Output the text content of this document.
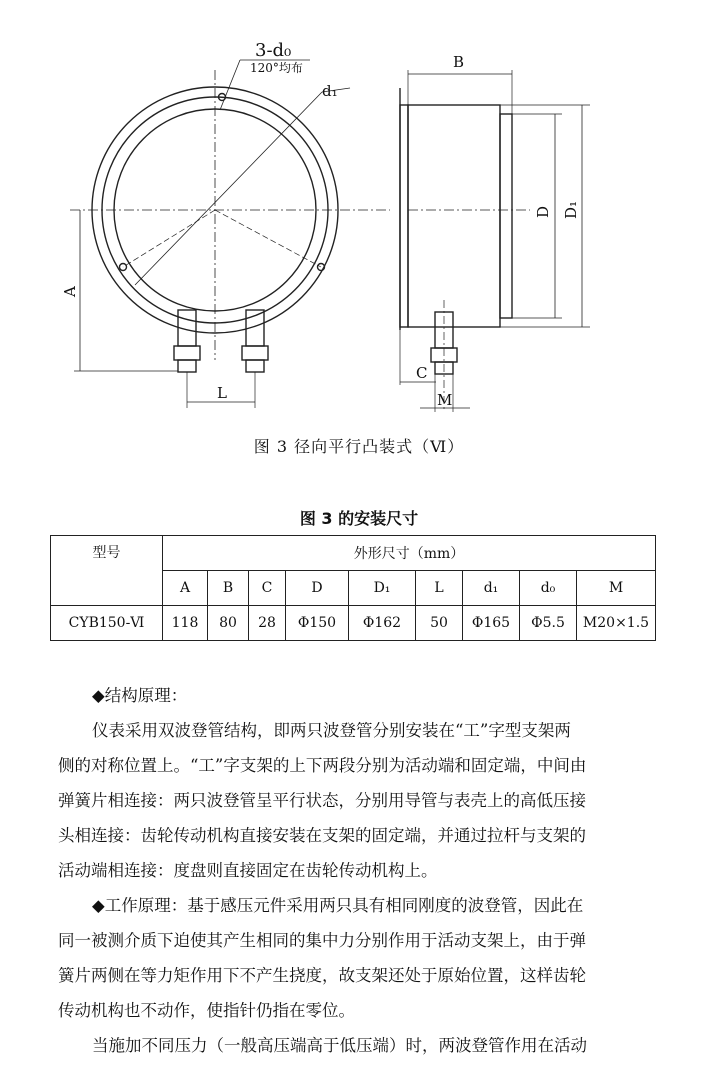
3-d₀
120°均布
d₁
A
L
B
D D₁
C
M
图 3 径向平行凸装式（Ⅵ）
图 3 的安装尺寸
型号	外形尺寸（mm）								
	A	B	C	D	D₁	L	d₁	d₀	M
CYB150-Ⅵ	118	80	28	Φ150	Φ162	50	Φ165	Φ5.5	M20×1.5

◆结构原理：

仪表采用双波登管结构，即两只波登管分别安装在“工”字型支架两

侧的对称位置上。“工”字支架的上下两段分别为活动端和固定端，中间由

弹簧片相连接：两只波登管呈平行状态，分别用导管与表壳上的高低压接

头相连接：齿轮传动机构直接安装在支架的固定端，并通过拉杆与支架的

活动端相连接：度盘则直接固定在齿轮传动机构上。

◆工作原理：基于感压元件采用两只具有相同刚度的波登管，因此在

同一被测介质下迫使其产生相同的集中力分别作用于活动支架上，由于弹

簧片两侧在等力矩作用下不产生挠度，故支架还处于原始位置，这样齿轮

传动机构也不动作，使指针仍指在零位。

当施加不同压力（一般高压端高于低压端）时，两波登管作用在活动
